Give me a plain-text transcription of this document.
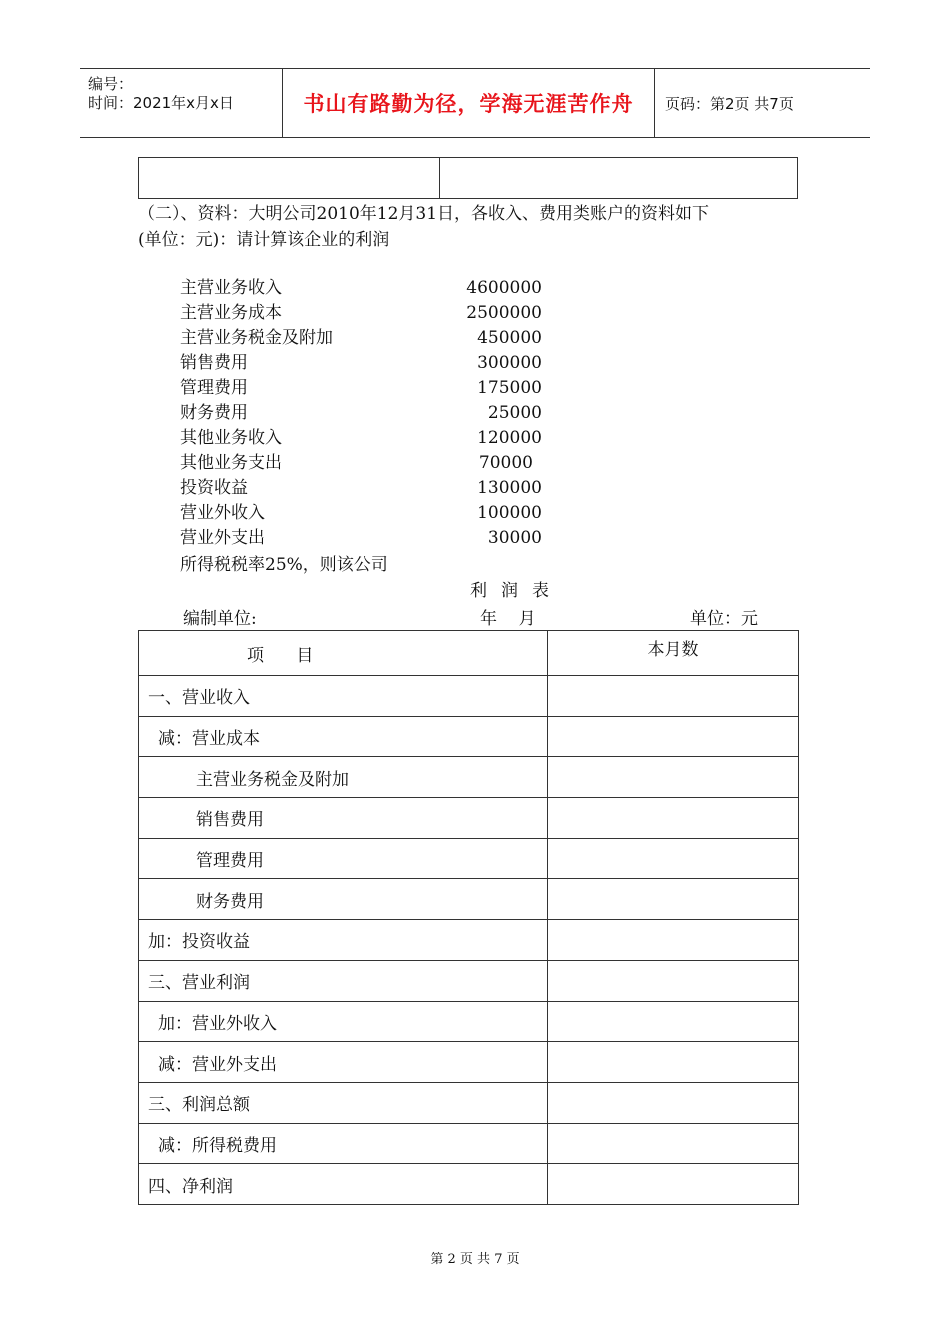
编号：
时间：2021年x月x日	书山有路勤为径，学海无涯苦作舟 页码：第2页 共7页
（二）、资料：大明公司2010年12月31日，各收入、费用类账户的资料如下
(单位：元)：请计算该企业的利润
主营业务收入	4600000
主营业务成本	2500000
主营业务税金及附加	450000
销售费用	300000
管理费用	175000
财务费用	25000
其他业务收入	120000
其他业务支出	70000
投资收益	130000
营业外收入	100000
营业外支出	30000
所得税税率25%，则该公司
利润表
编制单位:	年    月	单位：元
项      目	本月数
一、营业收入	
减：营业成本	
主营业务税金及附加	
销售费用	
管理费用	
财务费用	
加：投资收益	
三、营业利润	
加：营业外收入	
减：营业外支出	
三、利润总额	
减：所得税费用	
四、净利润	
第 2 页 共 7 页
